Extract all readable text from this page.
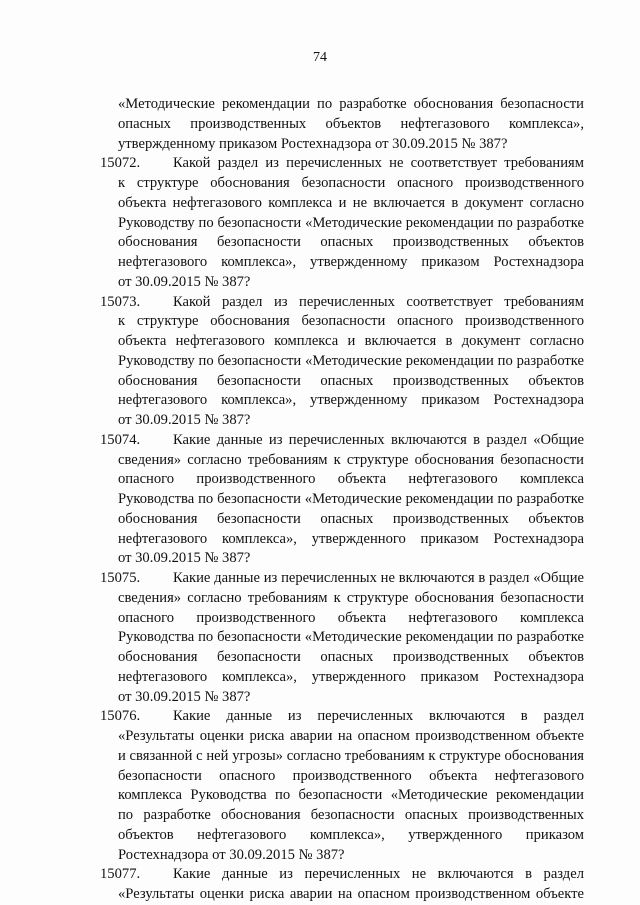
74
«Методические рекомендации по разработке обоснования безопасности
опасных производственных объектов нефтегазового комплекса»,
утвержденному приказом Ростехнадзора от 30.09.2015 № 387?
15072. Какой раздел из перечисленных не соответствует требованиям
к структуре обоснования безопасности опасного производственного
объекта нефтегазового комплекса и не включается в документ согласно
Руководству по безопасности «Методические рекомендации по разработке
обоснования безопасности опасных производственных объектов
нефтегазового комплекса», утвержденному приказом Ростехнадзора
от 30.09.2015 № 387?
15073. Какой раздел из перечисленных соответствует требованиям
к структуре обоснования безопасности опасного производственного
объекта нефтегазового комплекса и включается в документ согласно
Руководству по безопасности «Методические рекомендации по разработке
обоснования безопасности опасных производственных объектов
нефтегазового комплекса», утвержденному приказом Ростехнадзора
от 30.09.2015 № 387?
15074. Какие данные из перечисленных включаются в раздел «Общие
сведения» согласно требованиям к структуре обоснования безопасности
опасного производственного объекта нефтегазового комплекса
Руководства по безопасности «Методические рекомендации по разработке
обоснования безопасности опасных производственных объектов
нефтегазового комплекса», утвержденного приказом Ростехнадзора
от 30.09.2015 № 387?
15075. Какие данные из перечисленных не включаются в раздел «Общие
сведения» согласно требованиям к структуре обоснования безопасности
опасного производственного объекта нефтегазового комплекса
Руководства по безопасности «Методические рекомендации по разработке
обоснования безопасности опасных производственных объектов
нефтегазового комплекса», утвержденного приказом Ростехнадзора
от 30.09.2015 № 387?
15076. Какие данные из перечисленных включаются в раздел
«Результаты оценки риска аварии на опасном производственном объекте
и связанной с ней угрозы» согласно требованиям к структуре обоснования
безопасности опасного производственного объекта нефтегазового
комплекса Руководства по безопасности «Методические рекомендации
по разработке обоснования безопасности опасных производственных
объектов нефтегазового комплекса», утвержденного приказом
Ростехнадзора от 30.09.2015 № 387?
15077. Какие данные из перечисленных не включаются в раздел
«Результаты оценки риска аварии на опасном производственном объекте
